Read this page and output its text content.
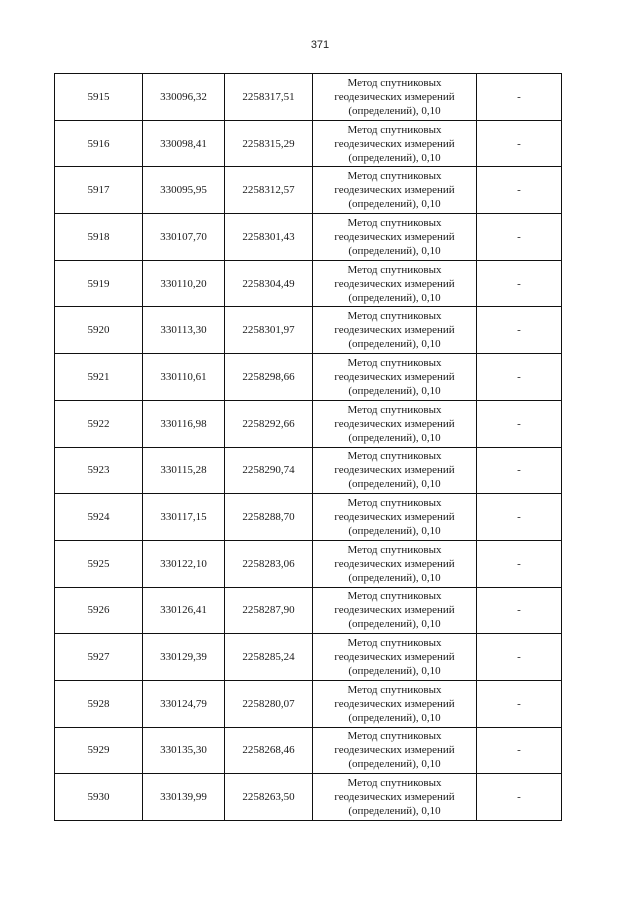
371
5915	330096,32	2258317,51	Метод спутниковых
геодезических измерений
(определений), 0,10	-
5916	330098,41	2258315,29	Метод спутниковых
геодезических измерений
(определений), 0,10	-
5917	330095,95	2258312,57	Метод спутниковых
геодезических измерений
(определений), 0,10	-
5918	330107,70	2258301,43	Метод спутниковых
геодезических измерений
(определений), 0,10	-
5919	330110,20	2258304,49	Метод спутниковых
геодезических измерений
(определений), 0,10	-
5920	330113,30	2258301,97	Метод спутниковых
геодезических измерений
(определений), 0,10	-
5921	330110,61	2258298,66	Метод спутниковых
геодезических измерений
(определений), 0,10	-
5922	330116,98	2258292,66	Метод спутниковых
геодезических измерений
(определений), 0,10	-
5923	330115,28	2258290,74	Метод спутниковых
геодезических измерений
(определений), 0,10	-
5924	330117,15	2258288,70	Метод спутниковых
геодезических измерений
(определений), 0,10	-
5925	330122,10	2258283,06	Метод спутниковых
геодезических измерений
(определений), 0,10	-
5926	330126,41	2258287,90	Метод спутниковых
геодезических измерений
(определений), 0,10	-
5927	330129,39	2258285,24	Метод спутниковых
геодезических измерений
(определений), 0,10	-
5928	330124,79	2258280,07	Метод спутниковых
геодезических измерений
(определений), 0,10	-
5929	330135,30	2258268,46	Метод спутниковых
геодезических измерений
(определений), 0,10	-
5930	330139,99	2258263,50	Метод спутниковых
геодезических измерений
(определений), 0,10	-
